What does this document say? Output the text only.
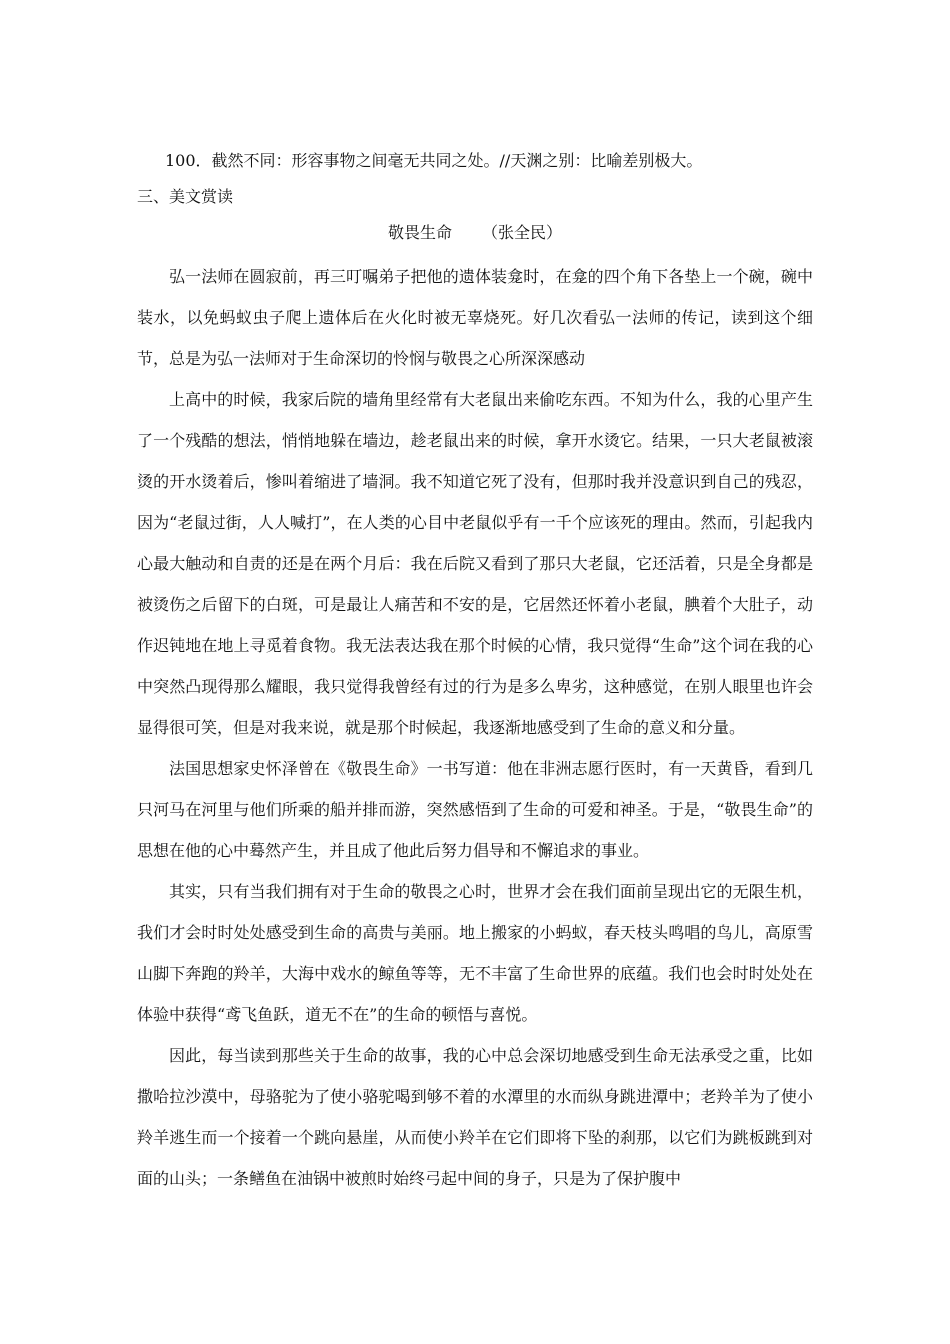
100．截然不同：形容事物之间毫无共同之处。//天渊之别：比喻差别极大。
三、美文赏读
敬畏生命 （张全民）

弘一法师在圆寂前，再三叮嘱弟子把他的遗体装龛时，在龛的四个角下各垫上一个碗，碗中装水，以免蚂蚁虫子爬上遗体后在火化时被无辜烧死。好几次看弘一法师的传记，读到这个细节，总是为弘一法师对于生命深切的怜悯与敬畏之心所深深感动

上高中的时候，我家后院的墙角里经常有大老鼠出来偷吃东西。不知为什么，我的心里产生了一个残酷的想法，悄悄地躲在墙边，趁老鼠出来的时候，拿开水烫它。结果，一只大老鼠被滚烫的开水烫着后，惨叫着缩进了墙洞。我不知道它死了没有，但那时我并没意识到自己的残忍，因为“老鼠过街，人人喊打”，在人类的心目中老鼠似乎有一千个应该死的理由。然而，引起我内心最大触动和自责的还是在两个月后：我在后院又看到了那只大老鼠，它还活着，只是全身都是被烫伤之后留下的白斑，可是最让人痛苦和不安的是，它居然还怀着小老鼠，腆着个大肚子，动作迟钝地在地上寻觅着食物。我无法表达我在那个时候的心情，我只觉得“生命”这个词在我的心中突然凸现得那么耀眼，我只觉得我曾经有过的行为是多么卑劣，这种感觉，在别人眼里也许会显得很可笑，但是对我来说，就是那个时候起，我逐渐地感受到了生命的意义和分量。

法国思想家史怀泽曾在《敬畏生命》一书写道：他在非洲志愿行医时，有一天黄昏，看到几只河马在河里与他们所乘的船并排而游，突然感悟到了生命的可爱和神圣。于是，“敬畏生命”的思想在他的心中蓦然产生，并且成了他此后努力倡导和不懈追求的事业。

其实，只有当我们拥有对于生命的敬畏之心时，世界才会在我们面前呈现出它的无限生机，我们才会时时处处感受到生命的高贵与美丽。地上搬家的小蚂蚁，春天枝头鸣唱的鸟儿，高原雪山脚下奔跑的羚羊，大海中戏水的鲸鱼等等，无不丰富了生命世界的底蕴。我们也会时时处处在体验中获得“鸢飞鱼跃，道无不在”的生命的顿悟与喜悦。

因此，每当读到那些关于生命的故事，我的心中总会深切地感受到生命无法承受之重，比如撒哈拉沙漠中，母骆驼为了使小骆驼喝到够不着的水潭里的水而纵身跳进潭中；老羚羊为了使小羚羊逃生而一个接着一个跳向悬崖，从而使小羚羊在它们即将下坠的刹那，以它们为跳板跳到对面的山头；一条鳝鱼在油锅中被煎时始终弓起中间的身子，只是为了保护腹中
